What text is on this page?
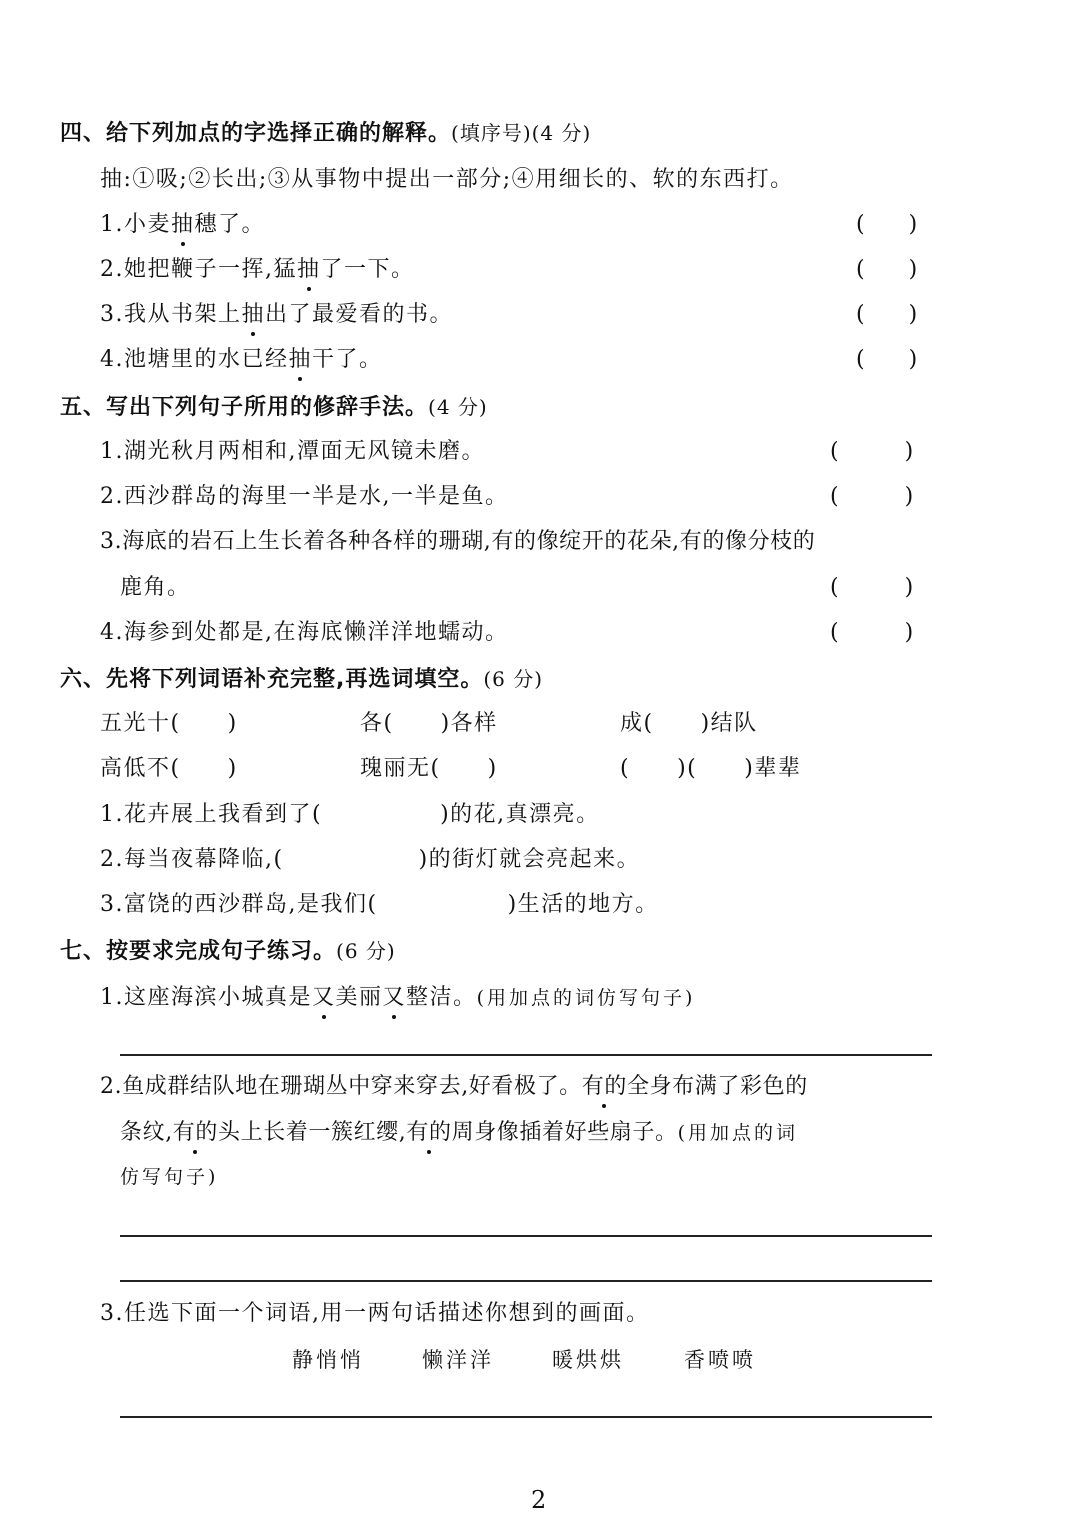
四、给下列加点的字选择正确的解释。(填序号)(4 分)
抽:①吸;②长出;③从事物中提出一部分;④用细长的、软的东西打。
1.小麦抽穗了。	(　　)
2.她把鞭子一挥,猛抽了一下。	(　　)
3.我从书架上抽出了最爱看的书。	(　　)
4.池塘里的水已经抽干了。	(　　)
五、写出下列句子所用的修辞手法。(4 分)
1.湖光秋月两相和,潭面无风镜未磨。	(　　　)
2.西沙群岛的海里一半是水,一半是鱼。	(　　　)
3.海底的岩石上生长着各种各样的珊瑚,有的像绽开的花朵,有的像分枝的
鹿角。	(　　　)
4.海参到处都是,在海底懒洋洋地蠕动。	(　　　)
六、先将下列词语补充完整,再选词填空。(6 分)
五光十(　　)	各(　　)各样	成(　　)结队
高低不(　　)	瑰丽无(　　)	(　　)(　　)辈辈
1.花卉展上我看到了(	)的花,真漂亮。
2.每当夜幕降临,(	)的街灯就会亮起来。
3.富饶的西沙群岛,是我们(	)生活的地方。
七、按要求完成句子练习。(6 分)
1.这座海滨小城真是又美丽又整洁。(用加点的词仿写句子)
2.鱼成群结队地在珊瑚丛中穿来穿去,好看极了。有的全身布满了彩色的
条纹,有的头上长着一簇红缨,有的周身像插着好些扇子。(用加点的词
仿写句子)
3.任选下面一个词语,用一两句话描述你想到的画面。
静悄悄	懒洋洋	暖烘烘	香喷喷
2
